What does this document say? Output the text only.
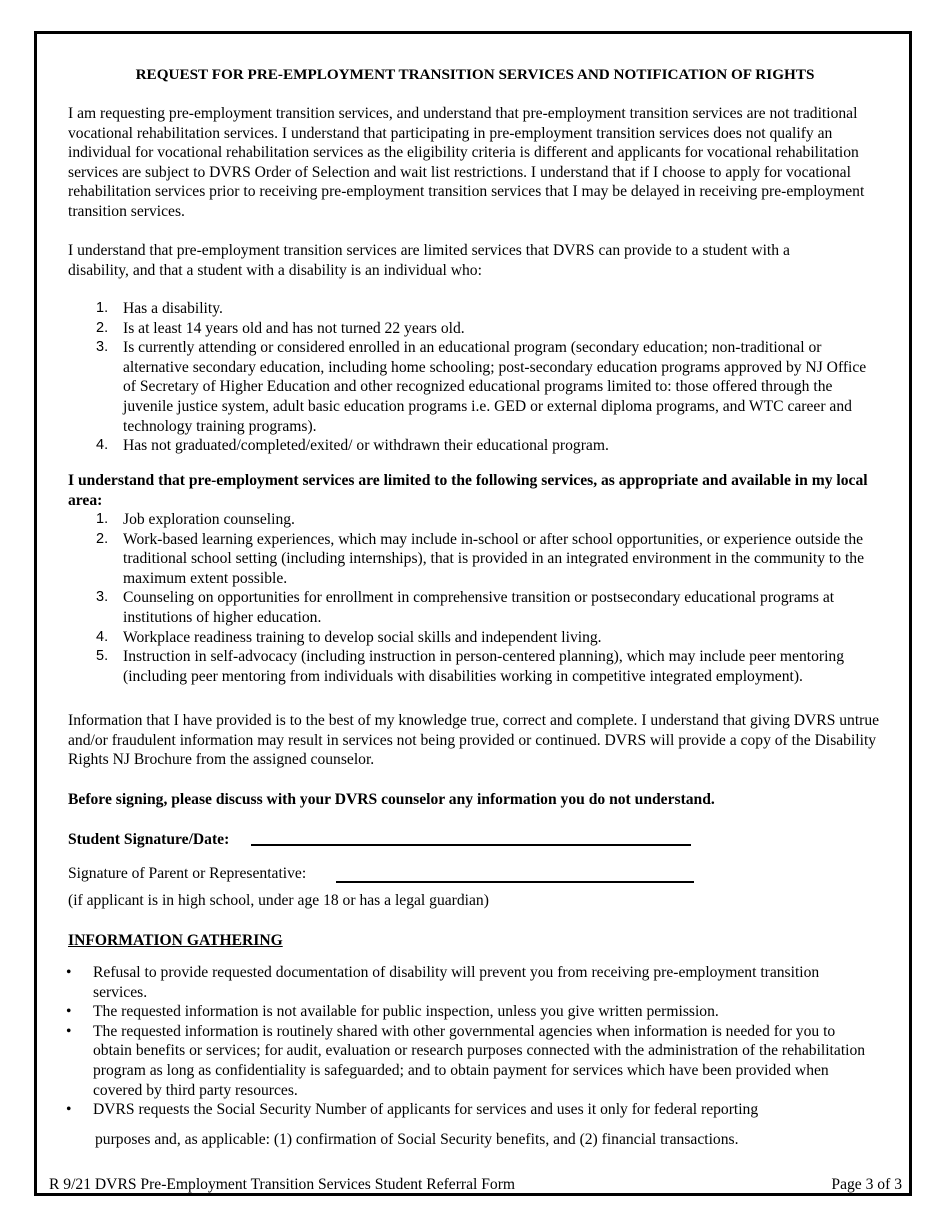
REQUEST FOR PRE-EMPLOYMENT TRANSITION SERVICES AND NOTIFICATION OF RIGHTS

I am requesting pre-employment transition services, and understand that pre-employment transition services are not traditional vocational rehabilitation services. I understand that participating in pre-employment transition services does not qualify an individual for vocational rehabilitation services as the eligibility criteria is different and applicants for vocational rehabilitation services are subject to DVRS Order of Selection and wait list restrictions. I understand that if I choose to apply for vocational rehabilitation services prior to receiving pre-employment transition services that I may be delayed in receiving pre-employment transition services.

I understand that pre-employment transition services are limited services that DVRS can provide to a student with a disability, and that a student with a disability is an individual who:

1. Has a disability.
2. Is at least 14 years old and has not turned 22 years old.
3. Is currently attending or considered enrolled in an educational program (secondary education; non-traditional or alternative secondary education, including home schooling; post-secondary education programs approved by NJ Office of Secretary of Higher Education and other recognized educational programs limited to: those offered through the juvenile justice system, adult basic education programs i.e. GED or external diploma programs, and WTC career and technology training programs).
4. Has not graduated/completed/exited/ or withdrawn their educational program.

I understand that pre-employment services are limited to the following services, as appropriate and available in my local area:

1. Job exploration counseling.
2. Work-based learning experiences, which may include in-school or after school opportunities, or experience outside the traditional school setting (including internships), that is provided in an integrated environment in the community to the maximum extent possible.
3. Counseling on opportunities for enrollment in comprehensive transition or postsecondary educational programs at institutions of higher education.
4. Workplace readiness training to develop social skills and independent living.
5. Instruction in self-advocacy (including instruction in person-centered planning), which may include peer mentoring (including peer mentoring from individuals with disabilities working in competitive integrated employment).

Information that I have provided is to the best of my knowledge true, correct and complete. I understand that giving DVRS untrue and/or fraudulent information may result in services not being provided or continued. DVRS will provide a copy of the Disability Rights NJ Brochure from the assigned counselor.

Before signing, please discuss with your DVRS counselor any information you do not understand.

Student Signature/Date:

Signature of Parent or Representative:

(if applicant is in high school, under age 18 or has a legal guardian)

INFORMATION GATHERING

• Refusal to provide requested documentation of disability will prevent you from receiving pre-employment transition services.
• The requested information is not available for public inspection, unless you give written permission.
• The requested information is routinely shared with other governmental agencies when information is needed for you to obtain benefits or services; for audit, evaluation or research purposes connected with the administration of the rehabilitation program as long as confidentiality is safeguarded; and to obtain payment for services which have been provided when covered by third party resources.
• DVRS requests the Social Security Number of applicants for services and uses it only for federal reporting

purposes and, as applicable: (1) confirmation of Social Security benefits, and (2) financial transactions.

R 9/21 DVRS Pre-Employment Transition Services Student Referral Form	Page 3 of 3
